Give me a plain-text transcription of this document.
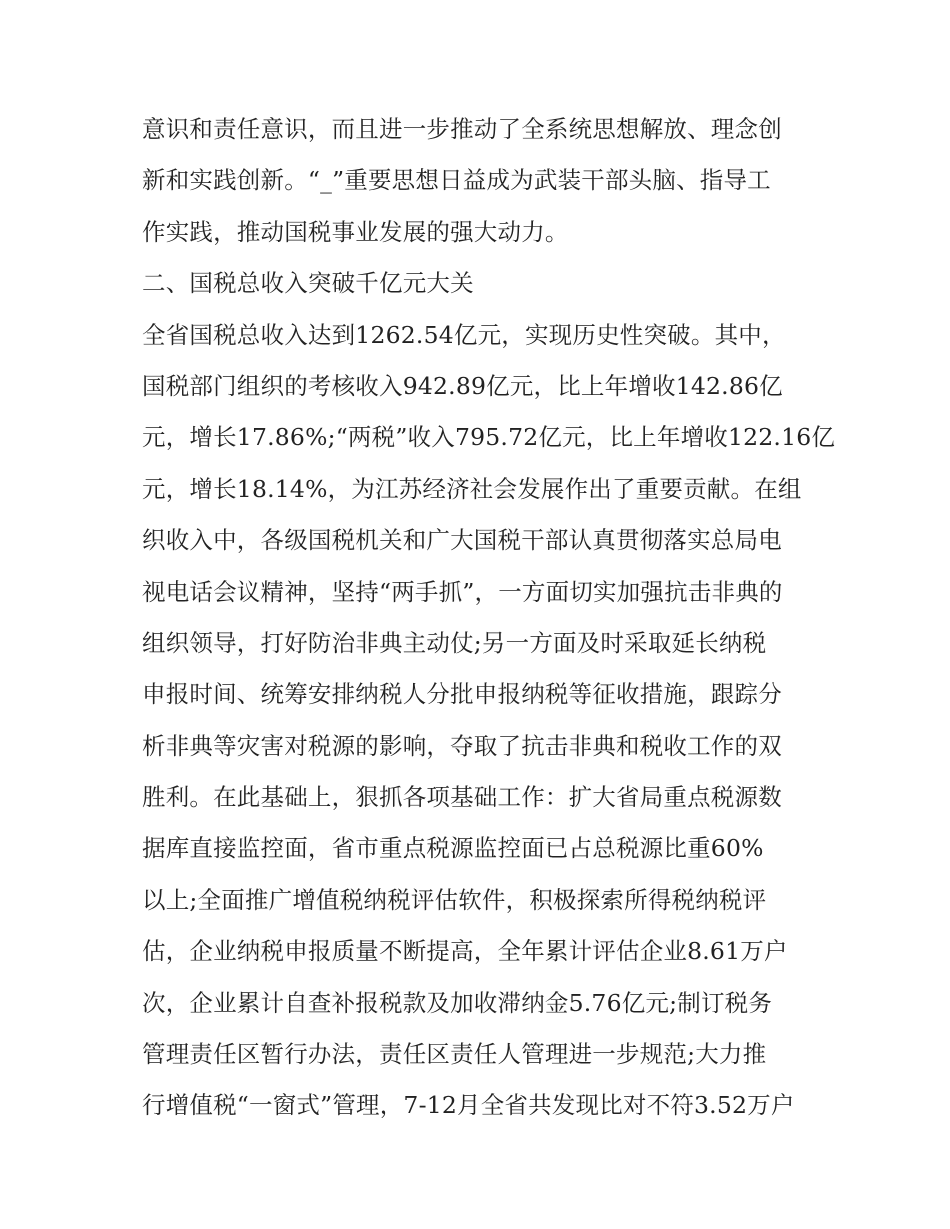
意识和责任意识，而且进一步推动了全系统思想解放、理念创
新和实践创新。“_”重要思想日益成为武装干部头脑、指导工
作实践，推动国税事业发展的强大动力。
二、国税总收入突破千亿元大关
全省国税总收入达到1262.54亿元，实现历史性突破。其中，
国税部门组织的考核收入942.89亿元，比上年增收142.86亿
元，增长17.86%;“两税”收入795.72亿元，比上年增收122.16亿
元，增长18.14%，为江苏经济社会发展作出了重要贡献。在组
织收入中，各级国税机关和广大国税干部认真贯彻落实总局电
视电话会议精神，坚持“两手抓”，一方面切实加强抗击非典的
组织领导，打好防治非典主动仗;另一方面及时采取延长纳税
申报时间、统筹安排纳税人分批申报纳税等征收措施，跟踪分
析非典等灾害对税源的影响，夺取了抗击非典和税收工作的双
胜利。在此基础上，狠抓各项基础工作：扩大省局重点税源数
据库直接监控面，省市重点税源监控面已占总税源比重60%
以上;全面推广增值税纳税评估软件，积极探索所得税纳税评
估，企业纳税申报质量不断提高，全年累计评估企业8.61万户
次，企业累计自查补报税款及加收滞纳金5.76亿元;制订税务
管理责任区暂行办法，责任区责任人管理进一步规范;大力推
行增值税“一窗式”管理，7-12月全省共发现比对不符3.52万户
